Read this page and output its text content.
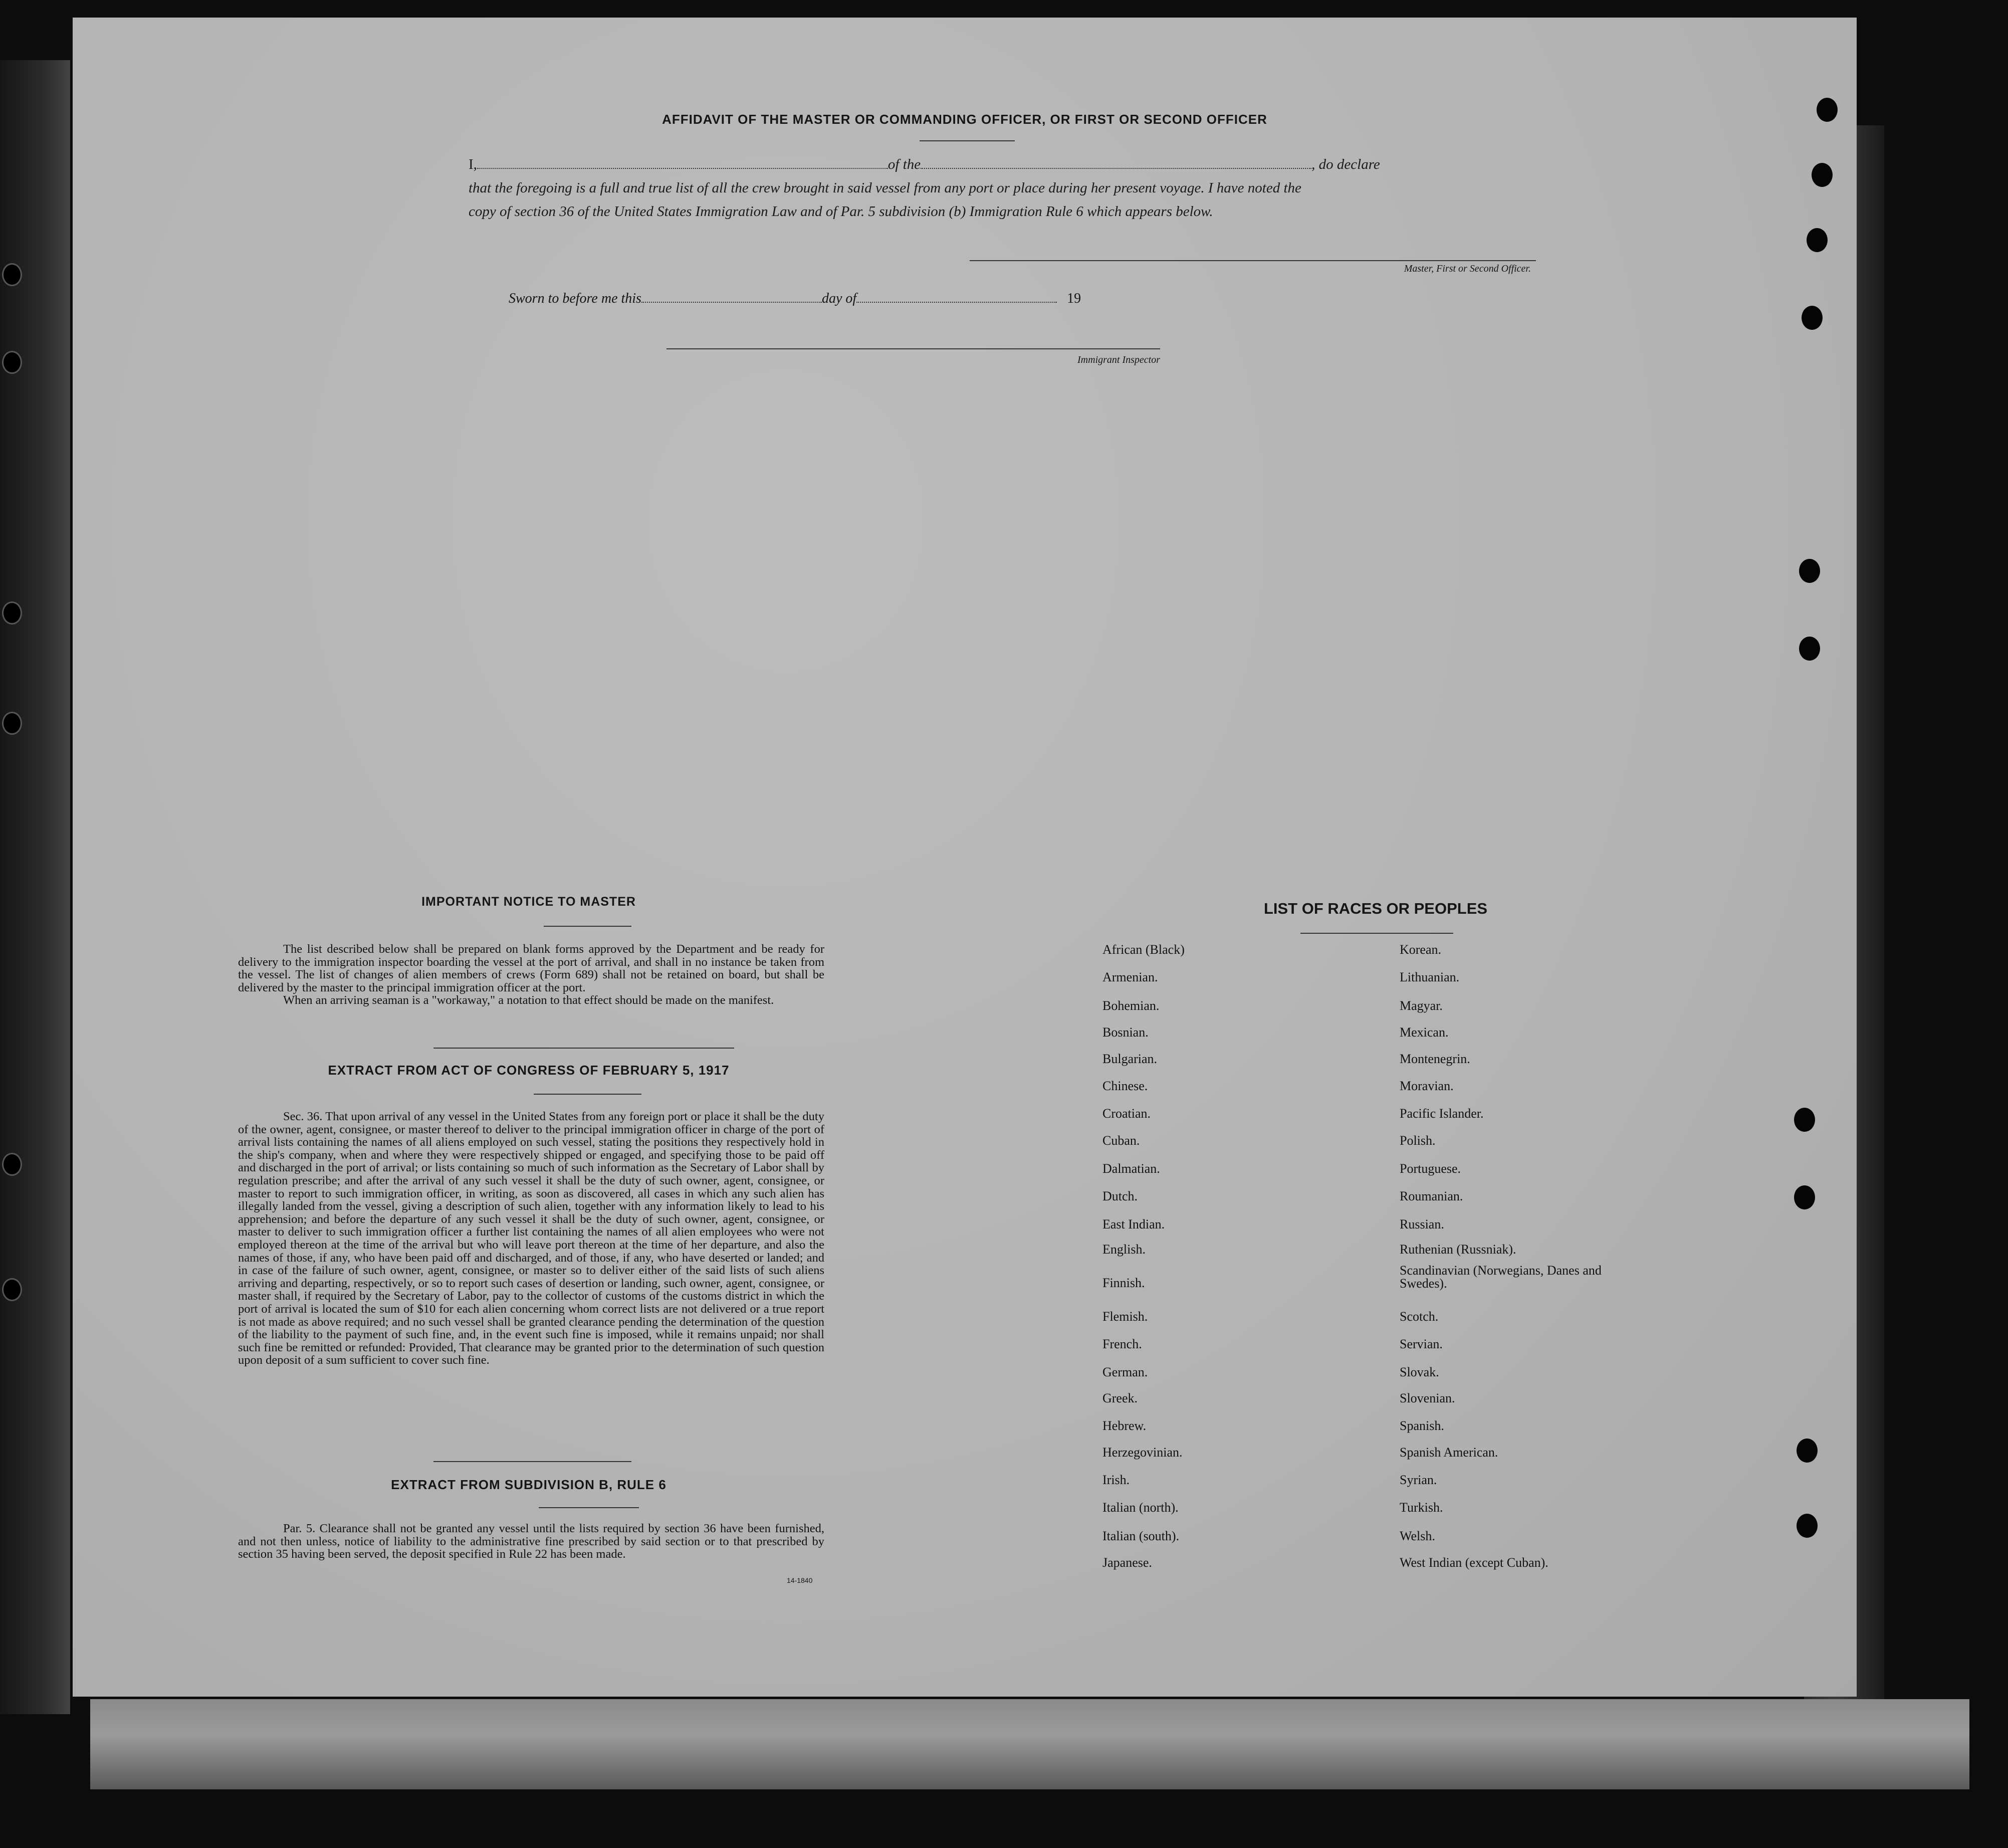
AFFIDAVIT OF THE MASTER OR COMMANDING OFFICER, OR FIRST OR SECOND OFFICER
I,	of the	, do declare
that the foregoing is a full and true list of all the crew brought in said vessel from any port or place during her present voyage. I have noted the
copy of section 36 of the United States Immigration Law and of Par. 5 subdivision (b) Immigration Rule 6 which appears below.
Master, First or Second Officer.
Sworn to before me this	day of	19
Immigrant Inspector
IMPORTANT NOTICE TO MASTER

The list described below shall be prepared on blank forms approved by the Department and be ready for delivery to the immigration inspector boarding the vessel at the port of arrival, and shall in no instance be taken from the vessel. The list of changes of alien members of crews (Form 689) shall not be retained on board, but shall be delivered by the master to the principal immigration officer at the port.

When an arriving seaman is a "workaway," a notation to that effect should be made on the manifest.

EXTRACT FROM ACT OF CONGRESS OF FEBRUARY 5, 1917

Sec. 36. That upon arrival of any vessel in the United States from any foreign port or place it shall be the duty of the owner, agent, consignee, or master thereof to deliver to the principal immigration officer in charge of the port of arrival lists containing the names of all aliens employed on such vessel, stating the positions they respectively hold in the ship's company, when and where they were respectively shipped or engaged, and specifying those to be paid off and discharged in the port of arrival; or lists containing so much of such information as the Secretary of Labor shall by regulation prescribe; and after the arrival of any such vessel it shall be the duty of such owner, agent, consignee, or master to report to such immigration officer, in writing, as soon as discovered, all cases in which any such alien has illegally landed from the vessel, giving a description of such alien, together with any information likely to lead to his apprehension; and before the departure of any such vessel it shall be the duty of such owner, agent, consignee, or master to deliver to such immigration officer a further list containing the names of all alien employees who were not employed thereon at the time of the arrival but who will leave port thereon at the time of her departure, and also the names of those, if any, who have been paid off and discharged, and of those, if any, who have deserted or landed; and in case of the failure of such owner, agent, consignee, or master so to deliver either of the said lists of such aliens arriving and departing, respectively, or so to report such cases of desertion or landing, such owner, agent, consignee, or master shall, if required by the Secretary of Labor, pay to the collector of customs of the customs district in which the port of arrival is located the sum of $10 for each alien concerning whom correct lists are not delivered or a true report is not made as above required; and no such vessel shall be granted clearance pending the determination of the question of the liability to the payment of such fine, and, in the event such fine is imposed, while it remains unpaid; nor shall such fine be remitted or refunded: Provided, That clearance may be granted prior to the determination of such question upon deposit of a sum sufficient to cover such fine.

EXTRACT FROM SUBDIVISION B, RULE 6

Par. 5. Clearance shall not be granted any vessel until the lists required by section 36 have been furnished, and not then unless, notice of liability to the administrative fine prescribed by said section or to that prescribed by section 35 having been served, the deposit specified in Rule 22 has been made.

14-1840
LIST OF RACES OR PEOPLES
African (Black)
Armenian.
Bohemian.
Bosnian.
Bulgarian.
Chinese.
Croatian.
Cuban.
Dalmatian.
Dutch.
East Indian.
English.
Finnish.
Flemish.
French.
German.
Greek.
Hebrew.
Herzegovinian.
Irish.
Italian (north).
Italian (south).
Japanese.
Korean.
Lithuanian.
Magyar.
Mexican.
Montenegrin.
Moravian.
Pacific Islander.
Polish.
Portuguese.
Roumanian.
Russian.
Ruthenian (Russniak).
Scandinavian (Norwegians, Danes and Swedes).
Scotch.
Servian.
Slovak.
Slovenian.
Spanish.
Spanish American.
Syrian.
Turkish.
Welsh.
West Indian (except Cuban).
